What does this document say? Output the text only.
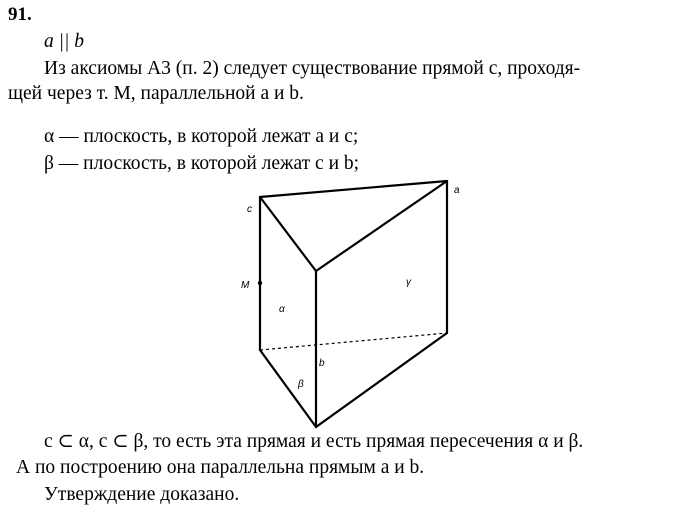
91.
a || b
Из аксиомы A3 (п. 2) следует существование прямой с, проходя-
щей через т. M, параллельной a и b.
α — плоскость, в которой лежат a и c;
β — плоскость, в которой лежат c и b;
c
a
M
α
γ
b
β
c ⊂ α, c ⊂ β, то есть эта прямая и есть прямая пересечения α и β.
А по построению она параллельна прямым a и b.
Утверждение доказано.
